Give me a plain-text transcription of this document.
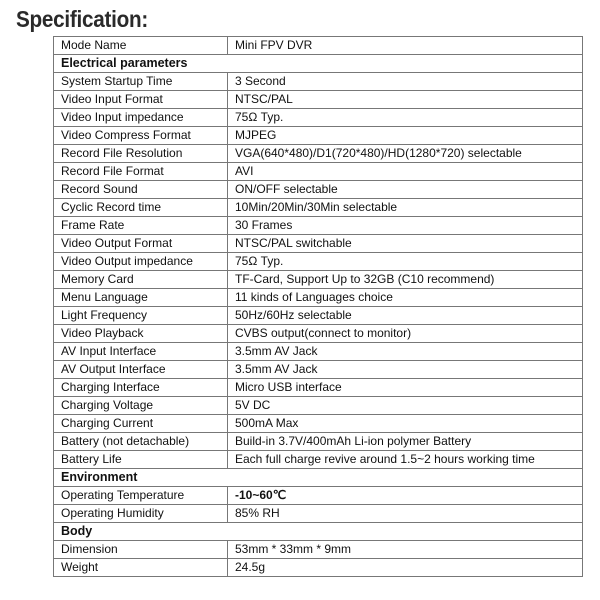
Specification:
Mode Name	Mini FPV DVR
Electrical parameters	
System Startup Time	3 Second
Video Input Format	NTSC/PAL
Video Input impedance	75Ω Typ.
Video Compress Format	MJPEG
Record File Resolution	VGA(640*480)/D1(720*480)/HD(1280*720) selectable
Record File Format	AVI
Record Sound	ON/OFF selectable
Cyclic Record time	10Min/20Min/30Min selectable
Frame Rate	30 Frames
Video Output Format	NTSC/PAL switchable
Video Output impedance	75Ω Typ.
Memory Card	TF-Card, Support Up to 32GB (C10 recommend)
Menu Language	11 kinds of Languages choice
Light Frequency	50Hz/60Hz selectable
Video Playback	CVBS output(connect to monitor)
AV Input Interface	3.5mm AV Jack
AV Output Interface	3.5mm AV Jack
Charging Interface	Micro USB interface
Charging Voltage	5V DC
Charging Current	500mA Max
Battery (not detachable)	Build-in 3.7V/400mAh Li-ion polymer Battery
Battery Life	Each full charge revive around 1.5~2 hours working time
Environment	
Operating Temperature	-10~60℃
Operating Humidity	85% RH
Body	
Dimension	53mm * 33mm * 9mm
Weight	24.5g
